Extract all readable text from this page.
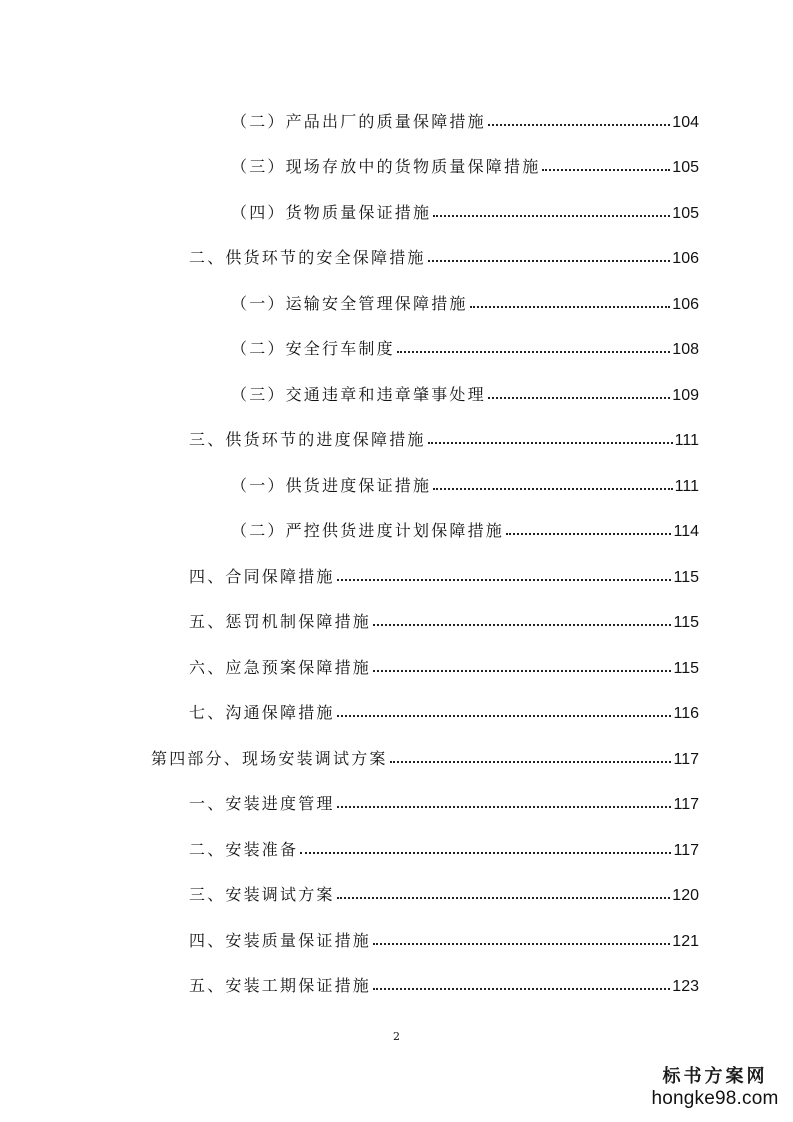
（二）产品出厂的质量保障措施	104
（三）现场存放中的货物质量保障措施	105
（四）货物质量保证措施	105
二、供货环节的安全保障措施	106
（一）运输安全管理保障措施	106
（二）安全行车制度	108
（三）交通违章和违章肇事处理	109
三、供货环节的进度保障措施	111
（一）供货进度保证措施	111
（二）严控供货进度计划保障措施	114
四、合同保障措施	115
五、惩罚机制保障措施	115
六、应急预案保障措施	115
七、沟通保障措施	116
第四部分、现场安装调试方案	117
一、安装进度管理	117
二、安装准备	117
三、安装调试方案	120
四、安装质量保证措施	121
五、安装工期保证措施	123
2
标书方案网
hongke98.com
